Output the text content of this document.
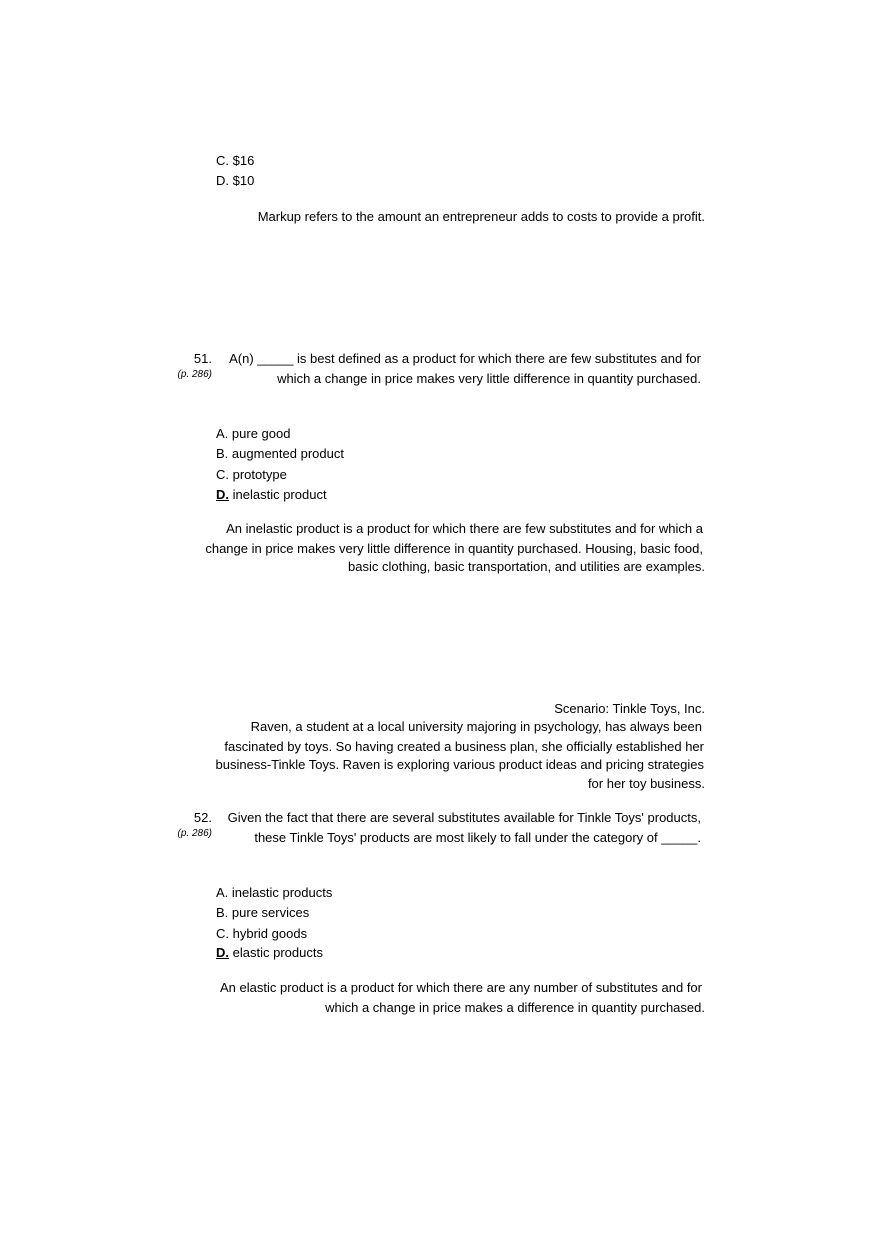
C. $16
D. $10
Markup refers to the amount an entrepreneur adds to costs to provide a profit.
51.
(p. 286)
A(n) _____ is best defined as a product for which there are few substitutes and for
which a change in price makes very little difference in quantity purchased.
A. pure good
B. augmented product
C. prototype
D. inelastic product
An inelastic product is a product for which there are few substitutes and for which a
change in price makes very little difference in quantity purchased. Housing, basic food,
basic clothing, basic transportation, and utilities are examples.
Scenario: Tinkle Toys, Inc.
Raven, a student at a local university majoring in psychology, has always been
fascinated by toys. So having created a business plan, she officially established her
business-Tinkle Toys. Raven is exploring various product ideas and pricing strategies
for her toy business.
52.
(p. 286)
Given the fact that there are several substitutes available for Tinkle Toys' products,
these Tinkle Toys' products are most likely to fall under the category of _____.
A. inelastic products
B. pure services
C. hybrid goods
D. elastic products
An elastic product is a product for which there are any number of substitutes and for
which a change in price makes a difference in quantity purchased.
